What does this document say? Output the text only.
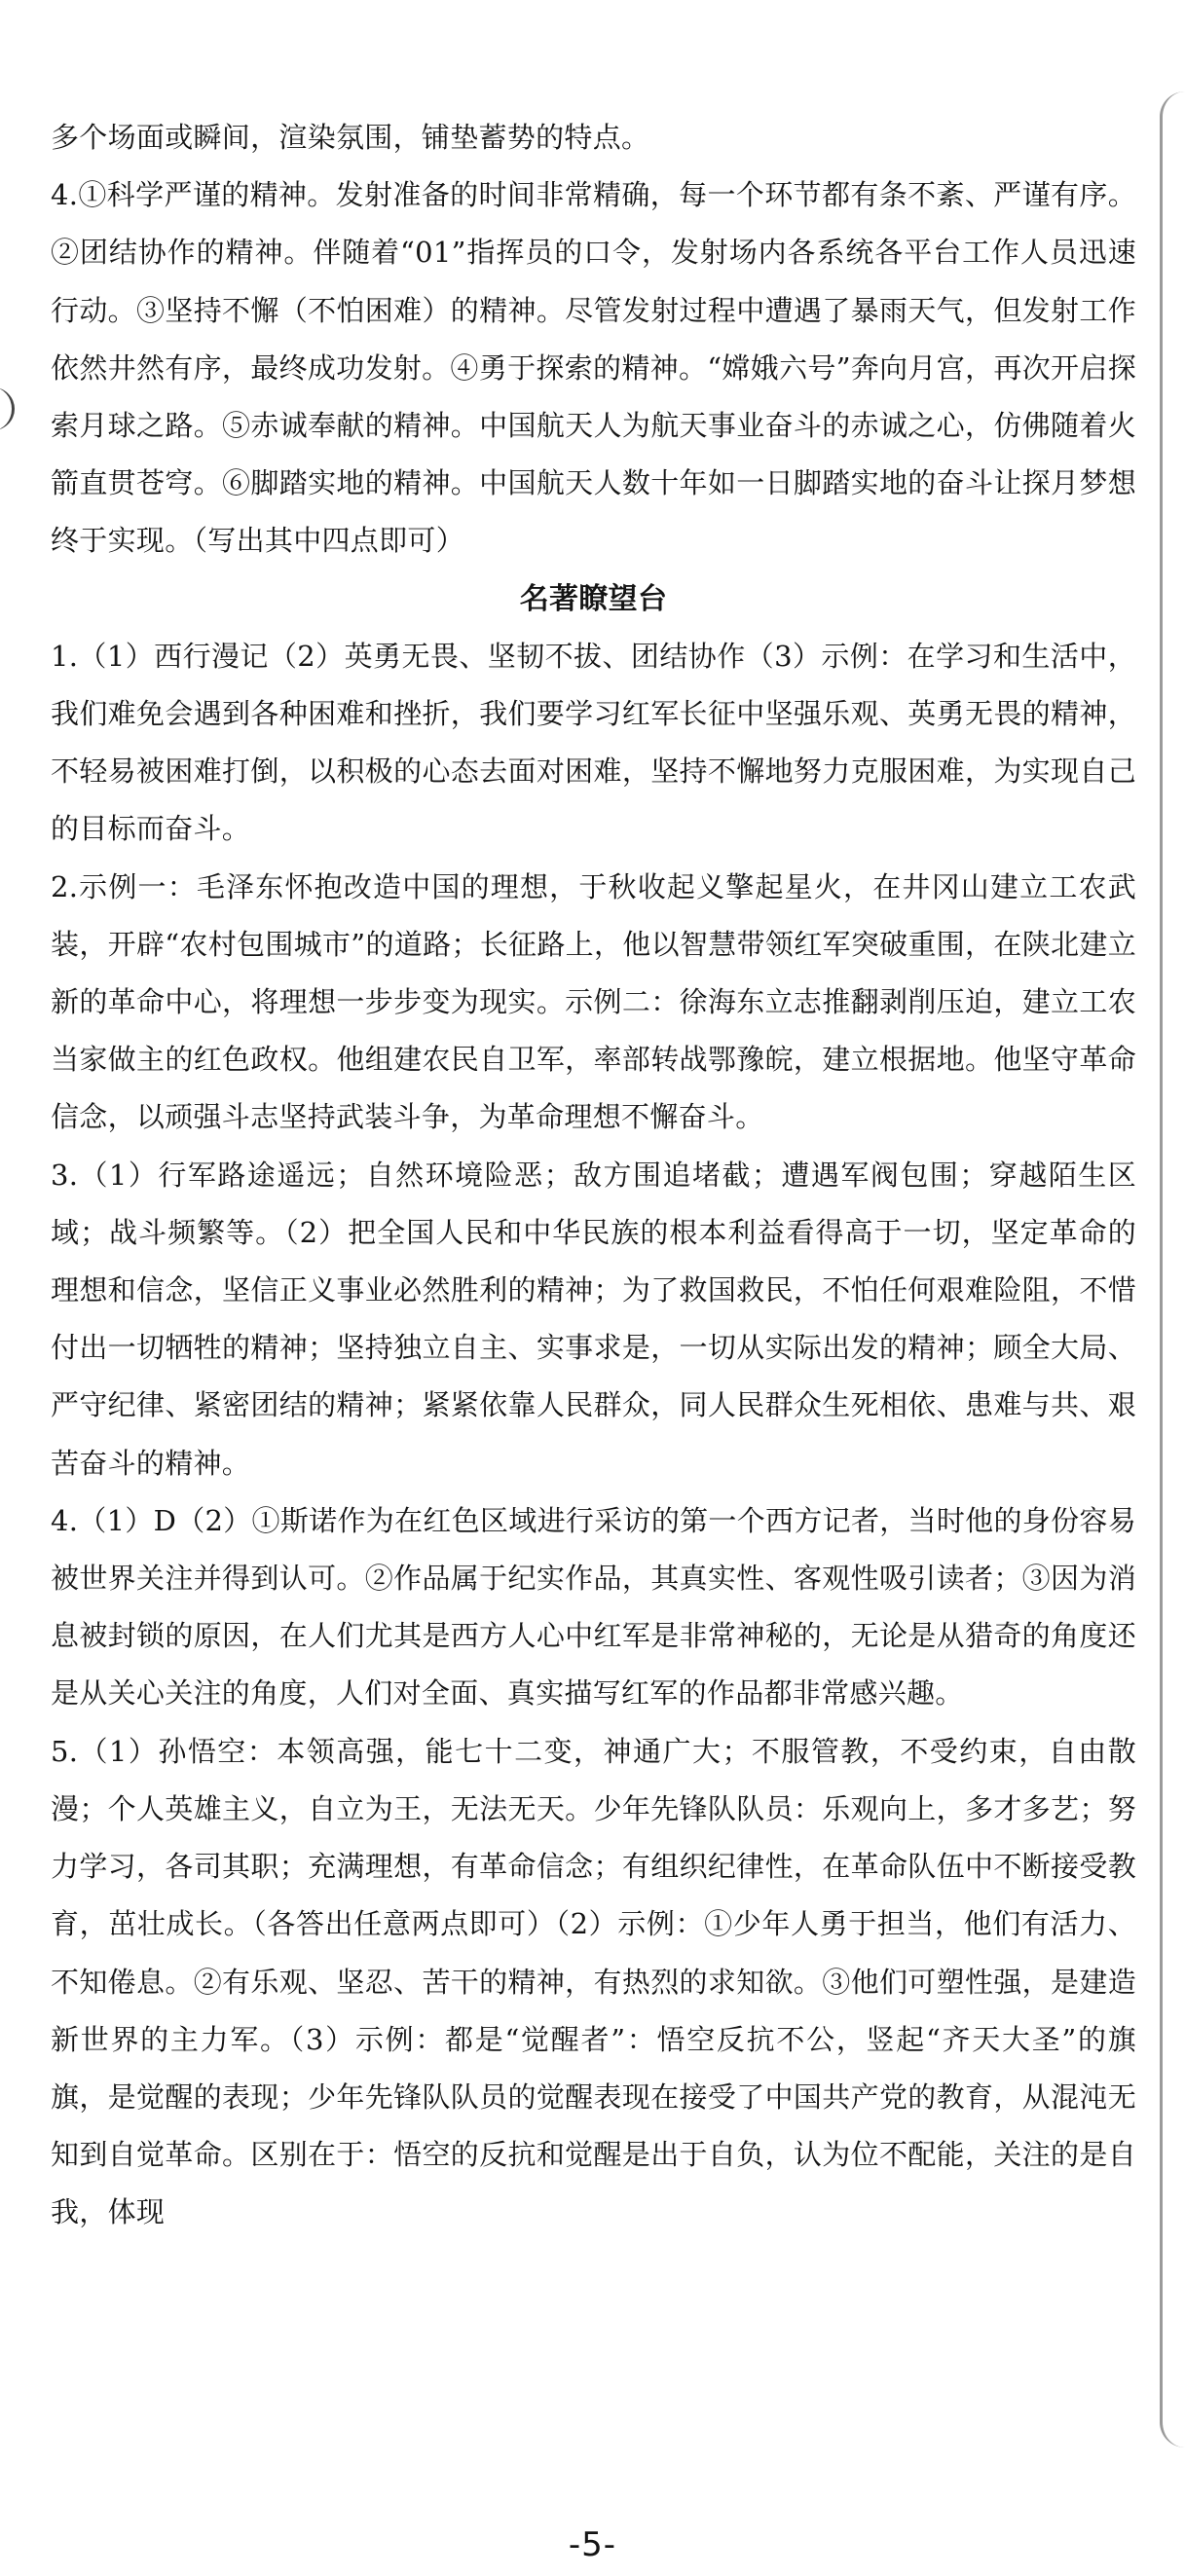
多个场面或瞬间，渲染氛围，铺垫蓄势的特点。

4.①科学严谨的精神。发射准备的时间非常精确，每一个环节都有条不紊、严谨有序。②团结协作的精神。伴随着“01”指挥员的口令，发射场内各系统各平台工作人员迅速行动。③坚持不懈（不怕困难）的精神。尽管发射过程中遭遇了暴雨天气，但发射工作依然井然有序，最终成功发射。④勇于探索的精神。“嫦娥六号”奔向月宫，再次开启探索月球之路。⑤赤诚奉献的精神。中国航天人为航天事业奋斗的赤诚之心，仿佛随着火箭直贯苍穹。⑥脚踏实地的精神。中国航天人数十年如一日脚踏实地的奋斗让探月梦想终于实现。（写出其中四点即可）

名著瞭望台

1.（1）西行漫记（2）英勇无畏、坚韧不拔、团结协作（3）示例：在学习和生活中，我们难免会遇到各种困难和挫折，我们要学习红军长征中坚强乐观、英勇无畏的精神，不轻易被困难打倒，以积极的心态去面对困难，坚持不懈地努力克服困难，为实现自己的目标而奋斗。

2.示例一：毛泽东怀抱改造中国的理想，于秋收起义擎起星火，在井冈山建立工农武装，开辟“农村包围城市”的道路；长征路上，他以智慧带领红军突破重围，在陕北建立新的革命中心，将理想一步步变为现实。示例二：徐海东立志推翻剥削压迫，建立工农当家做主的红色政权。他组建农民自卫军，率部转战鄂豫皖，建立根据地。他坚守革命信念，以顽强斗志坚持武装斗争，为革命理想不懈奋斗。

3.（1）行军路途遥远；自然环境险恶；敌方围追堵截；遭遇军阀包围；穿越陌生区域；战斗频繁等。（2）把全国人民和中华民族的根本利益看得高于一切，坚定革命的理想和信念，坚信正义事业必然胜利的精神；为了救国救民，不怕任何艰难险阻，不惜付出一切牺牲的精神；坚持独立自主、实事求是，一切从实际出发的精神；顾全大局、严守纪律、紧密团结的精神；紧紧依靠人民群众，同人民群众生死相依、患难与共、艰苦奋斗的精神。

4.（1）D（2）①斯诺作为在红色区域进行采访的第一个西方记者，当时他的身份容易被世界关注并得到认可。②作品属于纪实作品，其真实性、客观性吸引读者；③因为消息被封锁的原因，在人们尤其是西方人心中红军是非常神秘的，无论是从猎奇的角度还是从关心关注的角度，人们对全面、真实描写红军的作品都非常感兴趣。

5.（1）孙悟空：本领高强，能七十二变，神通广大；不服管教，不受约束，自由散漫；个人英雄主义，自立为王，无法无天。少年先锋队队员：乐观向上，多才多艺；努力学习，各司其职；充满理想，有革命信念；有组织纪律性，在革命队伍中不断接受教育，茁壮成长。（各答出任意两点即可）（2）示例：①少年人勇于担当，他们有活力、不知倦息。②有乐观、坚忍、苦干的精神，有热烈的求知欲。③他们可塑性强，是建造新世界的主力军。（3）示例：都是“觉醒者”：悟空反抗不公，竖起“齐天大圣”的旗旗，是觉醒的表现；少年先锋队队员的觉醒表现在接受了中国共产党的教育，从混沌无知到自觉革命。区别在于：悟空的反抗和觉醒是出于自负，认为位不配能，关注的是自我，体现

-5-
